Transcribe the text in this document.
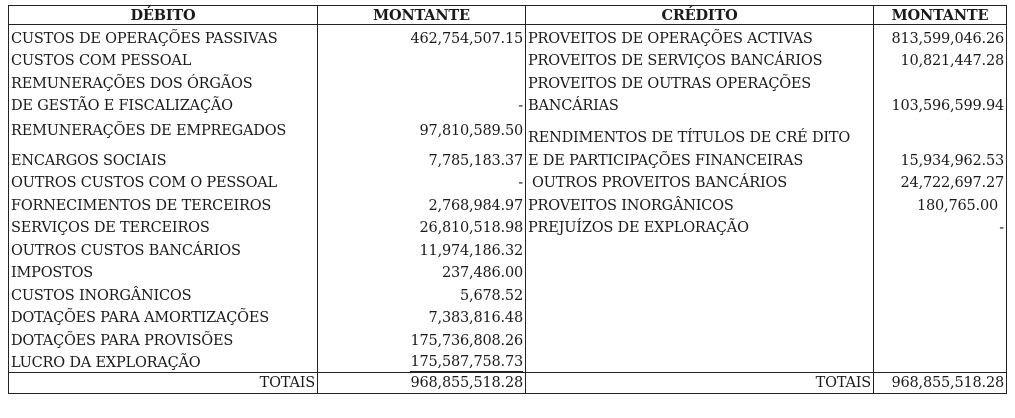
DÉBITO	MONTANTE	CRÉDITO	MONTANTE
CUSTOS DE OPERAÇÕES PASSIVAS	462,754,507.15	PROVEITOS DE OPERAÇÕES ACTIVAS	813,599,046.26
CUSTOS COM PESSOAL		PROVEITOS DE SERVIÇOS BANCÁRIOS	10,821,447.28
REMUNERAÇÕES DOS ÓRGÃOS		PROVEITOS DE OUTRAS OPERAÇÕES	
DE GESTÃO E FISCALIZAÇÃO	-	BANCÁRIAS	103,596,599.94
REMUNERAÇÕES DE EMPREGADOS	97,810,589.50	RENDIMENTOS DE TÍTULOS DE CRÉ DITO	
ENCARGOS SOCIAIS	7,785,183.37	E DE PARTICIPAÇÕES FINANCEIRAS	15,934,962.53
OUTROS CUSTOS COM O PESSOAL	-	OUTROS PROVEITOS BANCÁRIOS	24,722,697.27
FORNECIMENTOS DE TERCEIROS	2,768,984.97	PROVEITOS INORGÂNICOS	180,765.00
SERVIÇOS DE TERCEIROS	26,810,518.98	PREJUÍZOS DE EXPLORAÇÃO	-
OUTROS CUSTOS BANCÁRIOS	11,974,186.32		
IMPOSTOS	237,486.00		
CUSTOS INORGÂNICOS	5,678.52		
DOTAÇÕES PARA AMORTIZAÇÕES	7,383,816.48		
DOTAÇÕES PARA PROVISÕES	175,736,808.26		
LUCRO DA EXPLORAÇÃO	175,587,758.73		
TOTAIS	968,855,518.28	TOTAIS	968,855,518.28
